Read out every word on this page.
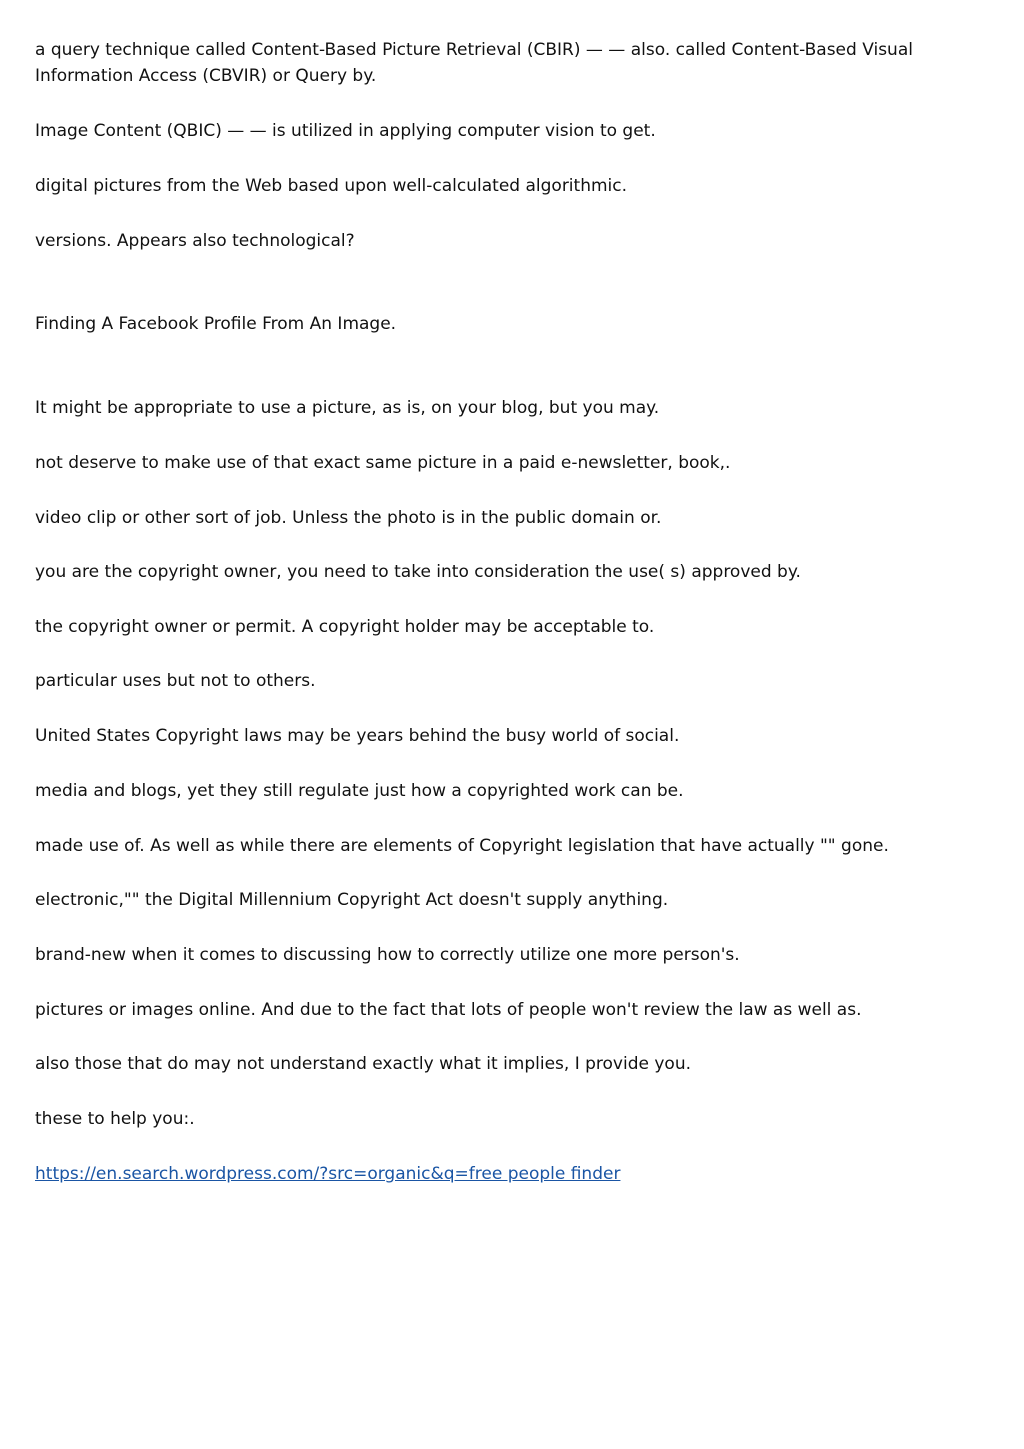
a query technique called Content-Based Picture Retrieval (CBIR) — — also. called Content-Based Visual Information Access (CBVIR) or Query by.

Image Content (QBIC) — — is utilized in applying computer vision to get.

digital pictures from the Web based upon well-calculated algorithmic.

versions. Appears also technological?

Finding A Facebook Profile From An Image.

It might be appropriate to use a picture, as is, on your blog, but you may.

not deserve to make use of that exact same picture in a paid e-newsletter, book,.

video clip or other sort of job. Unless the photo is in the public domain or.

you are the copyright owner, you need to take into consideration the use( s) approved by.

the copyright owner or permit. A copyright holder may be acceptable to.

particular uses but not to others.

United States Copyright laws may be years behind the busy world of social.

media and blogs, yet they still regulate just how a copyrighted work can be.

made use of. As well as while there are elements of Copyright legislation that have actually "" gone.

electronic,"" the Digital Millennium Copyright Act doesn't supply anything.

brand-new when it comes to discussing how to correctly utilize one more person's.

pictures or images online. And due to the fact that lots of people won't review the law as well as.

also those that do may not understand exactly what it implies, I provide you.

these to help you:.

https://en.search.wordpress.com/?src=organic&q=free people finder
